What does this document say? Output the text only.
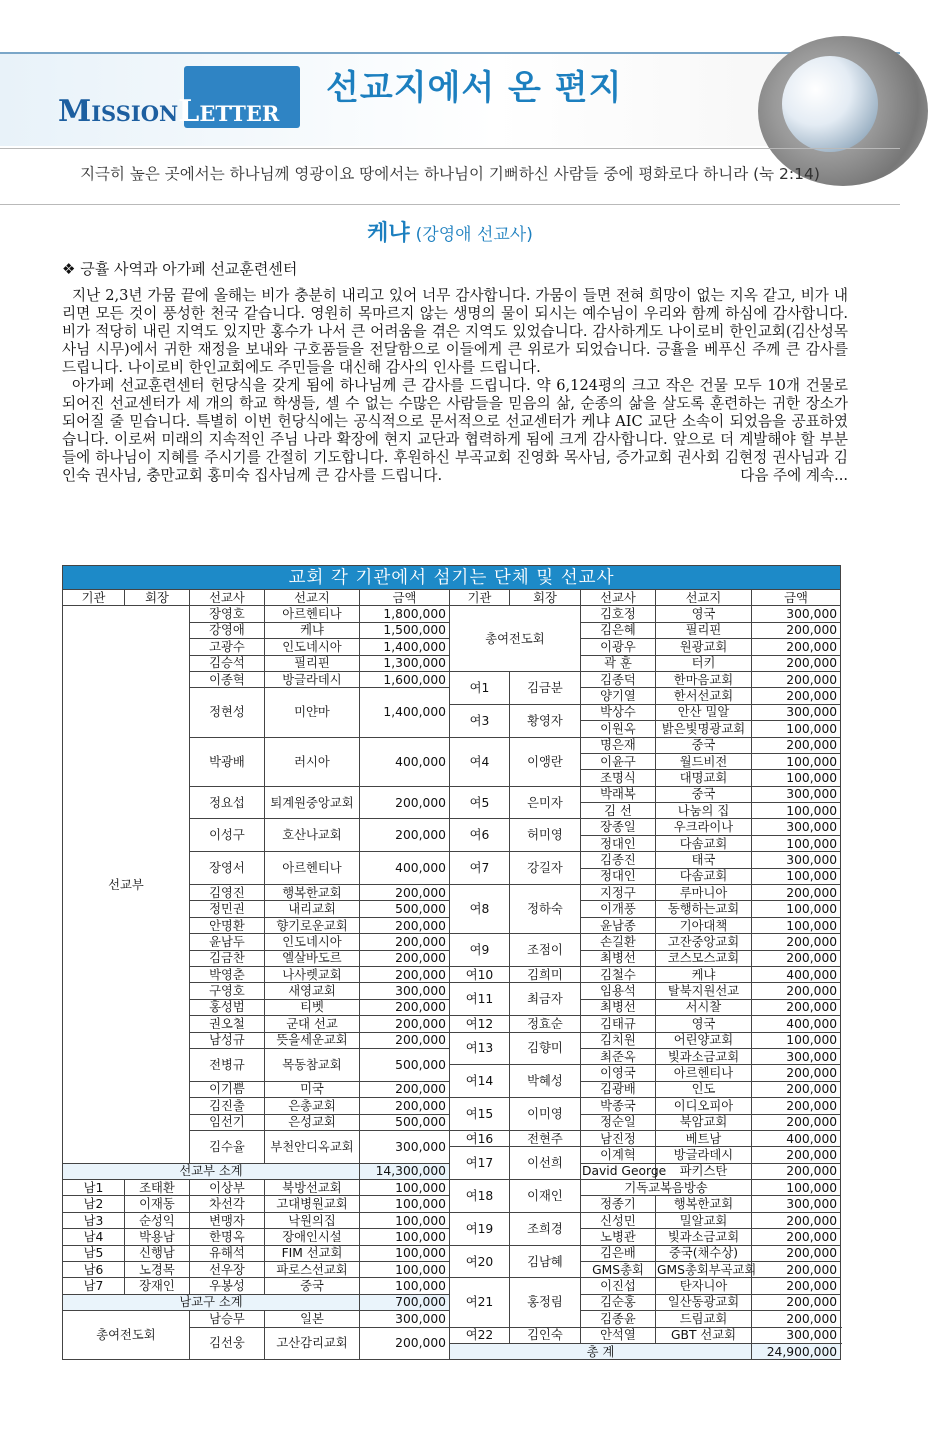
MissionLetter
선교지에서 온 편지
지극히 높은 곳에서는 하나님께 영광이요 땅에서는 하나님이 기뻐하신 사람들 중에 평화로다 하니라 (눅 2:14)
케냐 (강영애 선교사)
❖ 긍휼 사역과 아가페 선교훈련센터

지난 2,3년 가뭄 끝에 올해는 비가 충분히 내리고 있어 너무 감사합니다. 가뭄이 들면 전혀 희망이 없는 지옥 같고, 비가 내리면 모든 것이 풍성한 천국 같습니다. 영원히 목마르지 않는 생명의 물이 되시는 예수님이 우리와 함께 하심에 감사합니다. 비가 적당히 내린 지역도 있지만 홍수가 나서 큰 어려움을 겪은 지역도 있었습니다. 감사하게도 나이로비 한인교회(김산성목사님 시무)에서 귀한 재정을 보내와 구호품들을 전달함으로 이들에게 큰 위로가 되었습니다. 긍휼을 베푸신 주께 큰 감사를 드립니다. 나이로비 한인교회에도 주민들을 대신해 감사의 인사를 드립니다.

아가페 선교훈련센터 헌당식을 갖게 됨에 하나님께 큰 감사를 드립니다. 약 6,124평의 크고 작은 건물 모두 10개 건물로 되어진 선교센터가 세 개의 학교 학생들, 셀 수 없는 수많은 사람들을 믿음의 삶, 순종의 삶을 살도록 훈련하는 귀한 장소가 되어질 줄 믿습니다. 특별히 이번 헌당식에는 공식적으로 문서적으로 선교센터가 케냐 AIC 교단 소속이 되었음을 공표하였습니다. 이로써 미래의 지속적인 주님 나라 확장에 현지 교단과 협력하게 됨에 크게 감사합니다. 앞으로 더 계발해야 할 부분들에 하나님이 지혜를 주시기를 간절히 기도합니다. 후원하신 부곡교회 진영화 목사님, 증가교회 권사회 김현정 권사님과 김인숙 권사님, 충만교회 홍미숙 집사님께 큰 감사를 드립니다.	다음 주에 계속...
교회 각 기관에서 섬기는 단체 및 선교사										
기관	회장	선교사	선교지	금액	기관	회장	선교사	선교지	금액	
선교부		장영호	아르헨티나	1,800,000	총여전도회		김호정	영국	300,000	
		강영애	케냐	1,500,000			김은혜	필리핀	200,000	
		고광수	인도네시아	1,400,000			이광우	원광교회	200,000	
		김승석	필리핀	1,300,000			곽 훈	터키	200,000	
		이종혁	방글라데시	1,600,000	여1	김금분	김종덕	한마음교회	200,000	
		정현성	미얀마	1,400,000			양기열	한서선교회	200,000	
					여3	황영자	박상수	안산 밀알	300,000	
							이원옥	밝은빛명광교회	100,000	
		박광배	러시아	400,000	여4	이앵란	명은재	중국	200,000	
							이윤구	월드비전	100,000	
							조명식	대명교회	100,000	
		정요섭	퇴계원중앙교회	200,000	여5	은미자	박래복	중국	300,000	
							김 선	나눔의 집	100,000	
		이성구	호산나교회	200,000	여6	허미영	장종일	우크라이나	300,000	
							정대인	다솜교회	100,000	
		장영서	아르헨티나	400,000	여7	강길자	김종진	태국	300,000	
							정대인	다솜교회	100,000	
		김영진	행복한교회	200,000	여8	정하숙	지정구	루마니아	200,000	
		정민권	내리교회	500,000			이개풍	동행하는교회	100,000	
		안명환	향기로운교회	200,000			윤남종	기아대책	100,000	
		윤남두	인도네시아	200,000	여9	조점이	손길환	고잔중앙교회	200,000	
		김금찬	엘살바도르	200,000			최병선	코스모스교회	200,000	
		박영춘	나사렛교회	200,000	여10	김희미	김철수	케냐	400,000	
		구영호	새영교회	300,000	여11	최금자	임용석	탈북지원선교	200,000	
		홍성범	티벳	200,000			최병선	서시찰	200,000	
		권오철	군대 선교	200,000	여12	정효순	김태규	영국	400,000	
		남성규	뜻을세운교회	200,000	여13	김향미	김치원	어린양교회	100,000	
		전병규	목동참교회	500,000			최준옥	빛과소금교회	300,000	
					여14	박혜성	이영국	아르헨티나	200,000	
		이기쁨	미국	200,000			김광배	인도	200,000	
		김진출	은총교회	200,000	여15	이미영	박종국	이디오피아	200,000	
		임선기	은성교회	500,000			정순일	북암교회	200,000	
		김수율	부천안디옥교회	300,000	여16	전현주	남진정	베트남	400,000	
					여17	이선희	이계혁	방글라데시	200,000	
선교부 소계				14,300,000			David George	파키스탄	200,000	
남1	조태환	이상부	북방선교회	100,000	여18	이재인	기독교복음방송		100,000	
남2	이재동	차선각	고대병원교회	100,000			정종기	행복한교회	300,000	
남3	순성익	변맹자	낙원의집	100,000	여19	조희경	신성민	밀알교회	200,000	
남4	박용남	한명옥	장애인시설	100,000			노병관	빛과소금교회	200,000	
남5	신행남	유해석	FIM 선교회	100,000	여20	김남혜	김은배	중국(채수상)	200,000	
남6	노경목	선우장	파로스선교회	100,000			GMS총회	GMS총회부곡교회	200,000	
남7	장재인	우봉성	중국	100,000	여21	홍정림	이진섭	탄자니아	200,000	
남교구 소계				700,000			김순홍	일산동광교회	200,000	
총여전도회		남승무	일본	300,000			김종윤	드림교회	200,000	
		김선웅	고산감리교회	200,000	여22	김인숙	안석열	GBT 선교회	300,000		
					총 계				24,900,000	
